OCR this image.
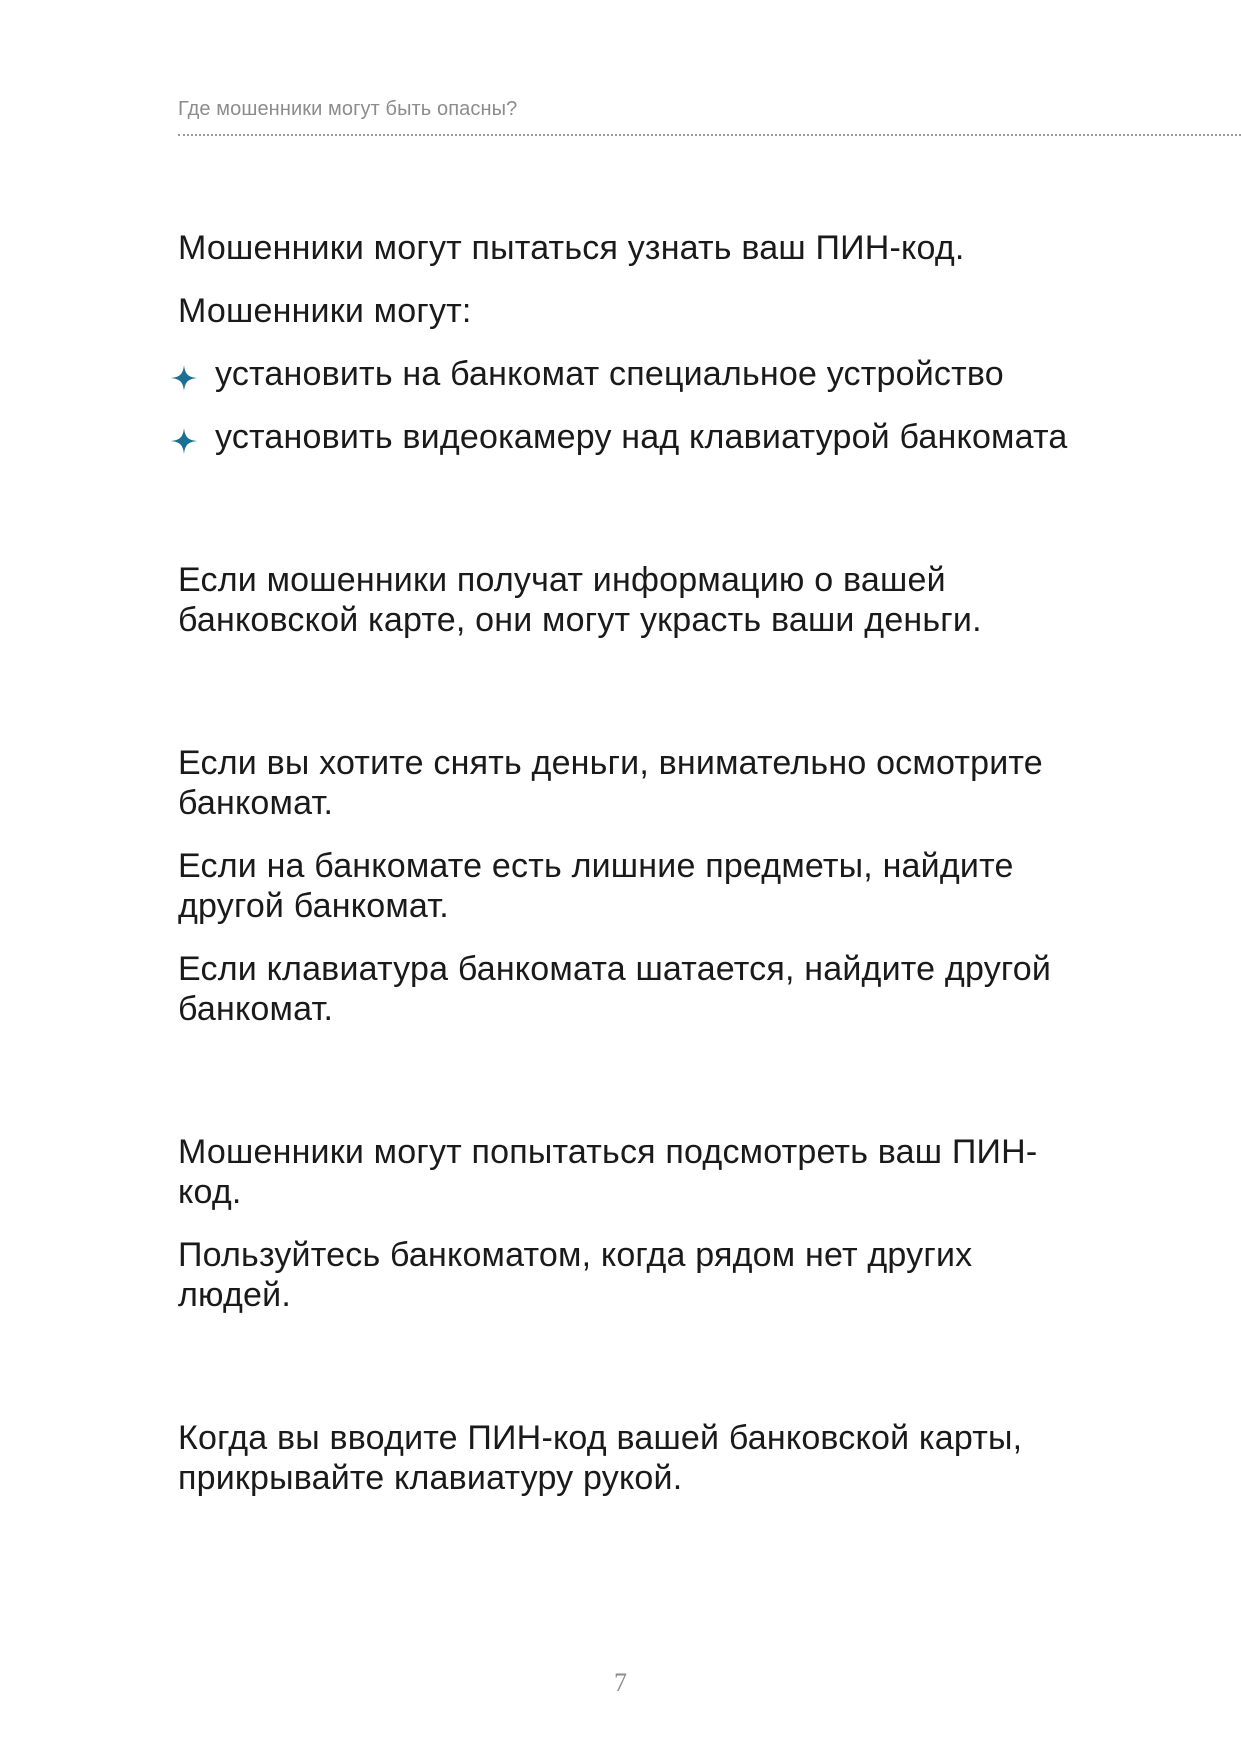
Где мошенники могут быть опасны?

Мошенники могут пытаться узнать ваш ПИН-код.

Мошенники могут:

установить на банкомат специальное устройство
установить видеокамеру над клавиатурой банкомата

Если мошенники получат информацию о вашей банковской карте, они могут украсть ваши деньги.

Если вы хотите снять деньги, внимательно осмотрите банкомат.

Если на банкомате есть лишние предметы, найдите другой банкомат.

Если клавиатура банкомата шатается, найдите другой банкомат.

Мошенники могут попытаться подсмотреть ваш ПИН-код.

Пользуйтесь банкоматом, когда рядом нет других людей.

Когда вы вводите ПИН-код вашей банковской карты, прикрывайте клавиатуру рукой.

7
